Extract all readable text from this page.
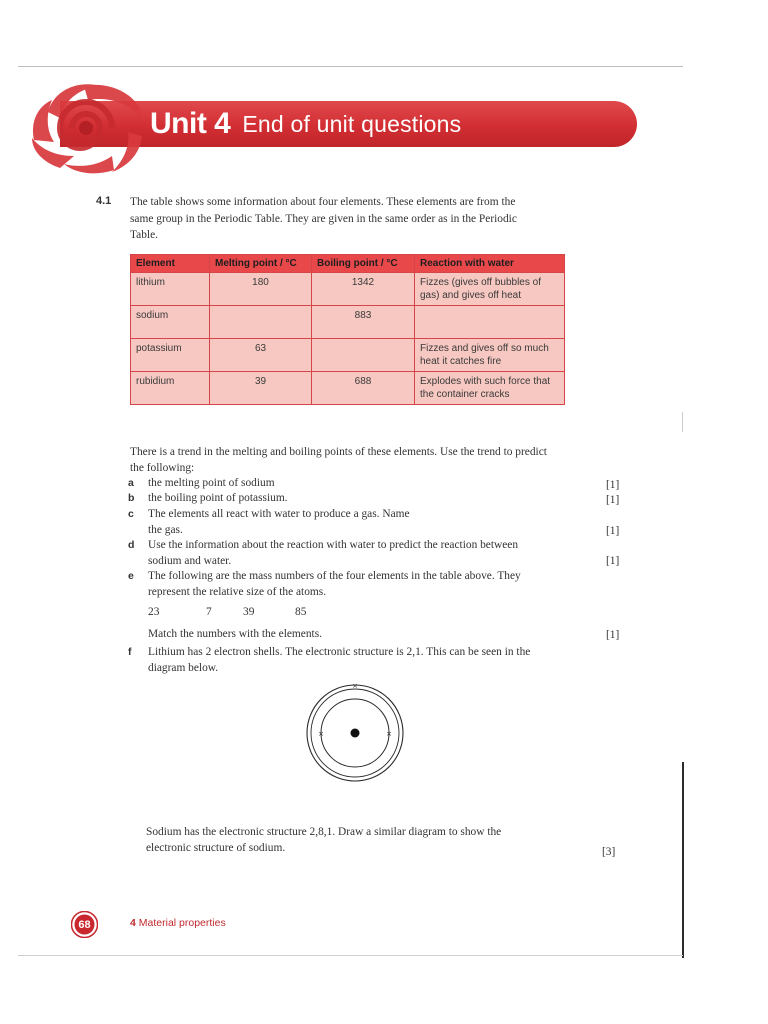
Unit 4 End of unit questions
4.1 The table shows some information about four elements. These elements are from the same group in the Periodic Table. They are given in the same order as in the Periodic Table.
Element	Melting point / °C	Boiling point / °C	Reaction with water
lithium	180	1342	Fizzes (gives off bubbles of gas) and gives off heat
sodium		883	
potassium	63		Fizzes and gives off so much heat it catches fire
rubidium	39	688	Explodes with such force that the container cracks
There is a trend in the melting and boiling points of these elements. Use the trend to predict the following:
a the melting point of sodium	[1]
b the boiling point of potassium.	[1]
c The elements all react with water to produce a gas. Name the gas.	[1]
d Use the information about the reaction with water to predict the reaction between sodium and water.	[1]
e The following are the mass numbers of the four elements in the table above. They represent the relative size of the atoms.
23	7	39	85
Match the numbers with the elements.	[1]
f Lithium has 2 electron shells. The electronic structure is 2,1. This can be seen in the diagram below.
×
×	×
Sodium has the electronic structure 2,8,1. Draw a similar diagram to show the electronic structure of sodium.	[3]
68	4 Material properties
